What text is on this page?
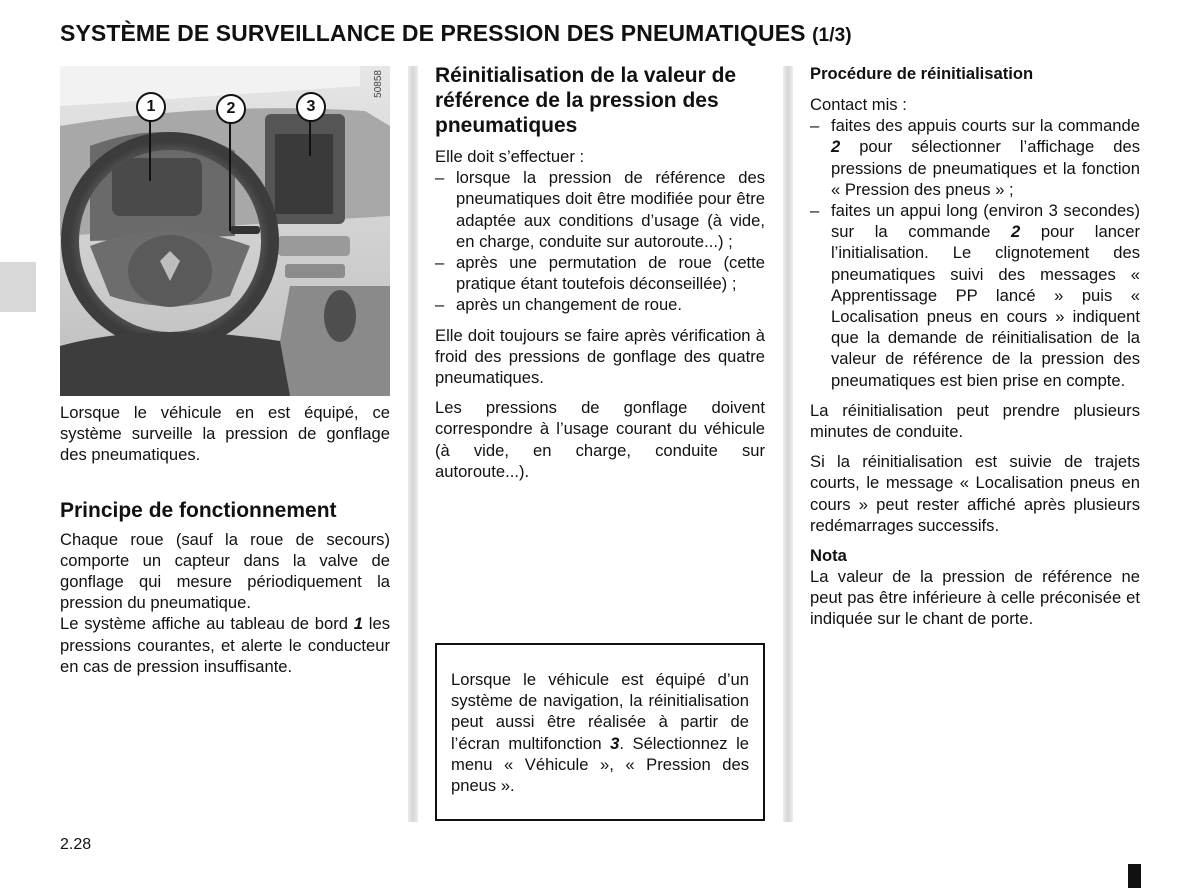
SYSTÈME DE SURVEILLANCE DE PRESSION DES PNEUMATIQUES (1/3)
1	2	3
50858

Lorsque le véhicule en est équipé, ce système surveille la pression de gonflage des pneumatiques.

Principe de fonctionnement

Chaque roue (sauf la roue de secours) comporte un capteur dans la valve de gonflage qui mesure périodiquement la pression du pneumatique.

Le système affiche au tableau de bord 1 les pressions courantes, et alerte le conducteur en cas de pression insuffisante.

Réinitialisation de la valeur de référence de la pression des pneumatiques

Elle doit s’effectuer :

– lorsque la pression de référence des pneumatiques doit être modifiée pour être adaptée aux conditions d’usage (à vide, en charge, conduite sur autoroute...) ;
– après une permutation de roue (cette pratique étant toutefois déconseillée) ;
– après un changement de roue.

Elle doit toujours se faire après vérification à froid des pressions de gonflage des quatre pneumatiques.

Les pressions de gonflage doivent correspondre à l’usage courant du véhicule (à vide, en charge, conduite sur autoroute...).

Lorsque le véhicule est équipé d’un système de navigation, la réinitialisation peut aussi être réalisée à partir de l’écran multifonction 3. Sélectionnez le menu « Véhicule », « Pression des pneus ».

Procédure de réinitialisation

Contact mis :

– faites des appuis courts sur la commande 2 pour sélectionner l’affichage des pressions de pneumatiques et la fonction « Pression des pneus » ;
– faites un appui long (environ 3 secondes) sur la commande 2 pour lancer l’initialisation. Le clignotement des pneumatiques suivi des messages « Apprentissage PP lancé » puis « Localisation pneus en cours » indiquent que la demande de réinitialisation de la valeur de référence de la pression des pneumatiques est bien prise en compte.

La réinitialisation peut prendre plusieurs minutes de conduite.

Si la réinitialisation est suivie de trajets courts, le message « Localisation pneus en cours » peut rester affiché après plusieurs redémarrages successifs.

Nota

La valeur de la pression de référence ne peut pas être inférieure à celle préconisée et indiquée sur le chant de porte.

2.28
